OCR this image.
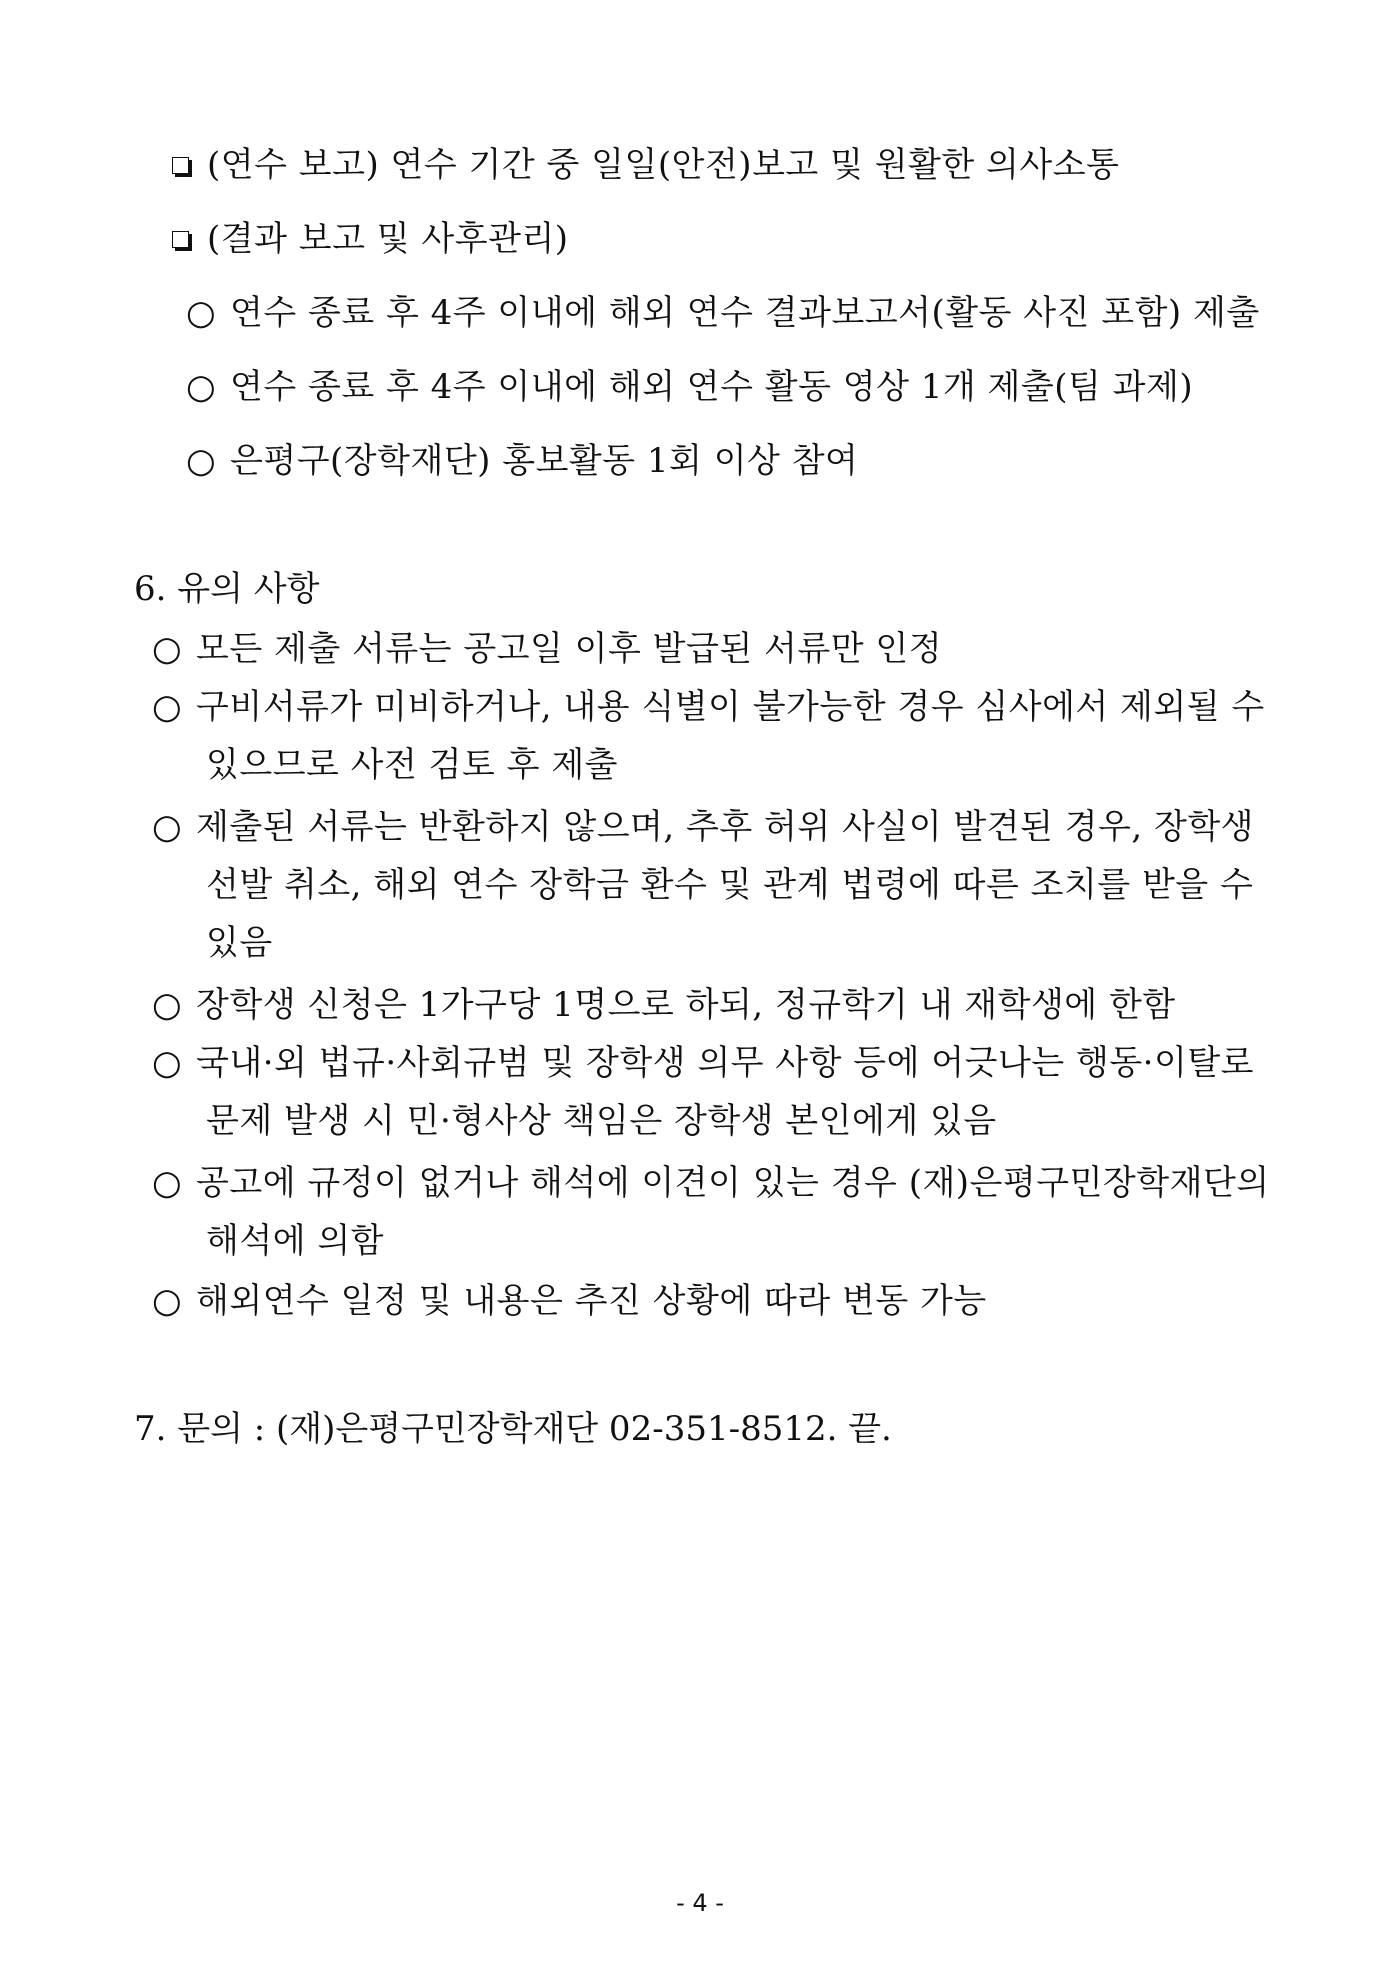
(연수 보고) 연수 기간 중 일일(안전)보고 및 원활한 의사소통
(결과 보고 및 사후관리)
○ 연수 종료 후 4주 이내에 해외 연수 결과보고서(활동 사진 포함) 제출
○ 연수 종료 후 4주 이내에 해외 연수 활동 영상 1개 제출(팀 과제)
○ 은평구(장학재단) 홍보활동 1회 이상 참여
6. 유의 사항
○ 모든 제출 서류는 공고일 이후 발급된 서류만 인정
○ 구비서류가 미비하거나, 내용 식별이 불가능한 경우 심사에서 제외될 수
있으므로 사전 검토 후 제출
○ 제출된 서류는 반환하지 않으며, 추후 허위 사실이 발견된 경우, 장학생
선발 취소, 해외 연수 장학금 환수 및 관계 법령에 따른 조치를 받을 수
있음
○ 장학생 신청은 1가구당 1명으로 하되, 정규학기 내 재학생에 한함
○ 국내·외 법규·사회규범 및 장학생 의무 사항 등에 어긋나는 행동·이탈로
문제 발생 시 민·형사상 책임은 장학생 본인에게 있음
○ 공고에 규정이 없거나 해석에 이견이 있는 경우 (재)은평구민장학재단의
해석에 의함
○ 해외연수 일정 및 내용은 추진 상황에 따라 변동 가능
7. 문의 : (재)은평구민장학재단 02-351-8512. 끝.
- 4 -
